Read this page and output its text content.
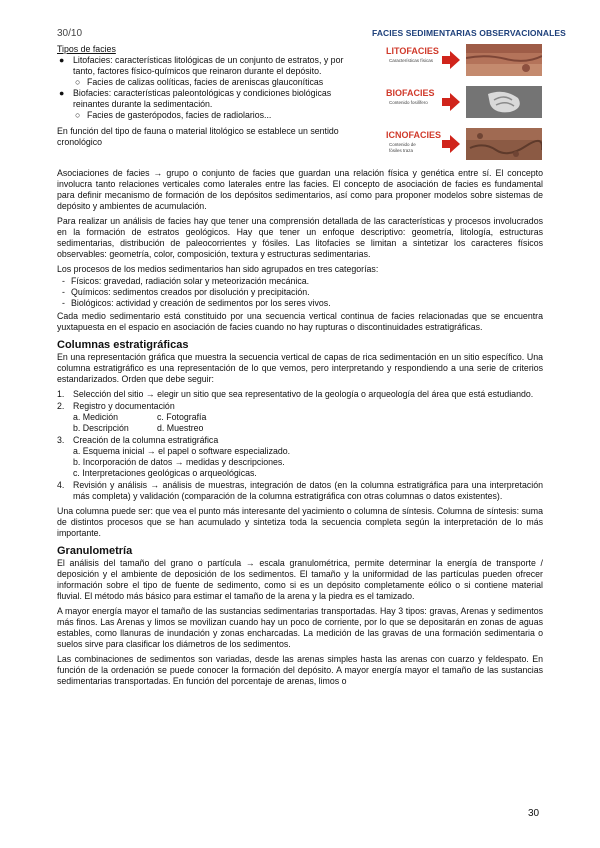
30/10	FACIES SEDIMENTARIAS OBSERVACIONALES
LITOFACIES
Características físicas
BIOFACIES
Contenido fosilífero
ICNOFACIES
Contenido de fósiles traza
Tipos de facies
● Litofacies: características litológicas de un conjunto de estratos, y por tanto, factores físico-químicos que reinaron durante el depósito.
○ Facies de calizas oolíticas, facies de areniscas glauconíticas
● Biofacies: características paleontológicas y condiciones biológicas reinantes durante la sedimentación.
○ Facies de gasterópodos, facies de radiolarios...

En función del tipo de fauna o material litológico se establece un sentido cronológico

Asociaciones de facies → grupo o conjunto de facies que guardan una relación física y genética entre sí. El concepto involucra tanto relaciones verticales como laterales entre las facies. El concepto de asociación de facies es fundamental para definir mecanismo de formación de los depósitos sedimentarios, así como para proponer modelos sobre sistemas de depósito y ambientes de acumulación.

Para realizar un análisis de facies hay que tener una comprensión detallada de las características y procesos involucrados en la formación de estratos geológicos. Hay que tener un enfoque descriptivo: geometría, litología, estructuras sedimentarias, distribución de paleocorrientes y fósiles. Las litofacies se limitan a sintetizar los caracteres físicos observables: geometría, color, composición, textura y estructuras sedimentarias.

Los procesos de los medios sedimentarios han sido agrupados en tres categorías:

- Físicos: gravedad, radiación solar y meteorización mecánica.
- Químicos: sedimentos creados por disolución y precipitación.
- Biológicos: actividad y creación de sedimentos por los seres vivos.

Cada medio sedimentario está constituido por una secuencia vertical continua de facies relacionadas que se encuentra yuxtapuesta en el espacio en asociación de facies cuando no hay rupturas o discontinuidades estratigráficas.

Columnas estratigráficas

En una representación gráfica que muestra la secuencia vertical de capas de rica sedimentación en un sitio específico. Una columna estratigráfico es una representación de lo que vemos, pero interpretando y respondiendo a una serie de criterios estandarizados. Orden que debe seguir:

1. Selección del sitio → elegir un sitio que sea representativo de la geología o arqueología del área que está estudiando.
2. Registro y documentación
a. Medición	c. Fotografía
b. Descripción	d. Muestreo
3. Creación de la columna estratigráfica
a. Esquema inicial → el papel o software especializado.
b. Incorporación de datos → medidas y descripciones.
c. Interpretaciones geológicas o arqueológicas.
4. Revisión y análisis → análisis de muestras, integración de datos (en la columna estratigráfica para una interpretación más completa) y validación (comparación de la columna estratigráfica con otras columnas o datos existentes).

Una columna puede ser: que vea el punto más interesante del yacimiento o columna de síntesis. Columna de síntesis: suma de distintos procesos que se han acumulado y sintetiza toda la secuencia completa según la interpretación de lo más importante.

Granulometría

El análisis del tamaño del grano o partícula → escala granulométrica, permite determinar la energía de transporte / deposición y el ambiente de deposición de los sedimentos. El tamaño y la uniformidad de las partículas pueden ofrecer información sobre el tipo de fuente de sedimento, como si es un depósito completamente eólico o si contiene material fluvial. El método más básico para estimar el tamaño de la arena y la piedra es el tamizado.

A mayor energía mayor el tamaño de las sustancias sedimentarias transportadas. Hay 3 tipos: gravas, Arenas y sedimentos más finos. Las Arenas y limos se movilizan cuando hay un poco de corriente, por lo que se depositarán en zonas de aguas estables, como llanuras de inundación y zonas encharcadas. La medición de las gravas de una formación sedimentaria o suelos sirve para clasificar los diámetros de los sedimentos.

Las combinaciones de sedimentos son variadas, desde las arenas simples hasta las arenas con cuarzo y feldespato. En función de la ordenación se puede conocer la formación del depósito. A mayor energía mayor el tamaño de las sustancias sedimentarias transportadas. En función del porcentaje de arenas, limos o

30
